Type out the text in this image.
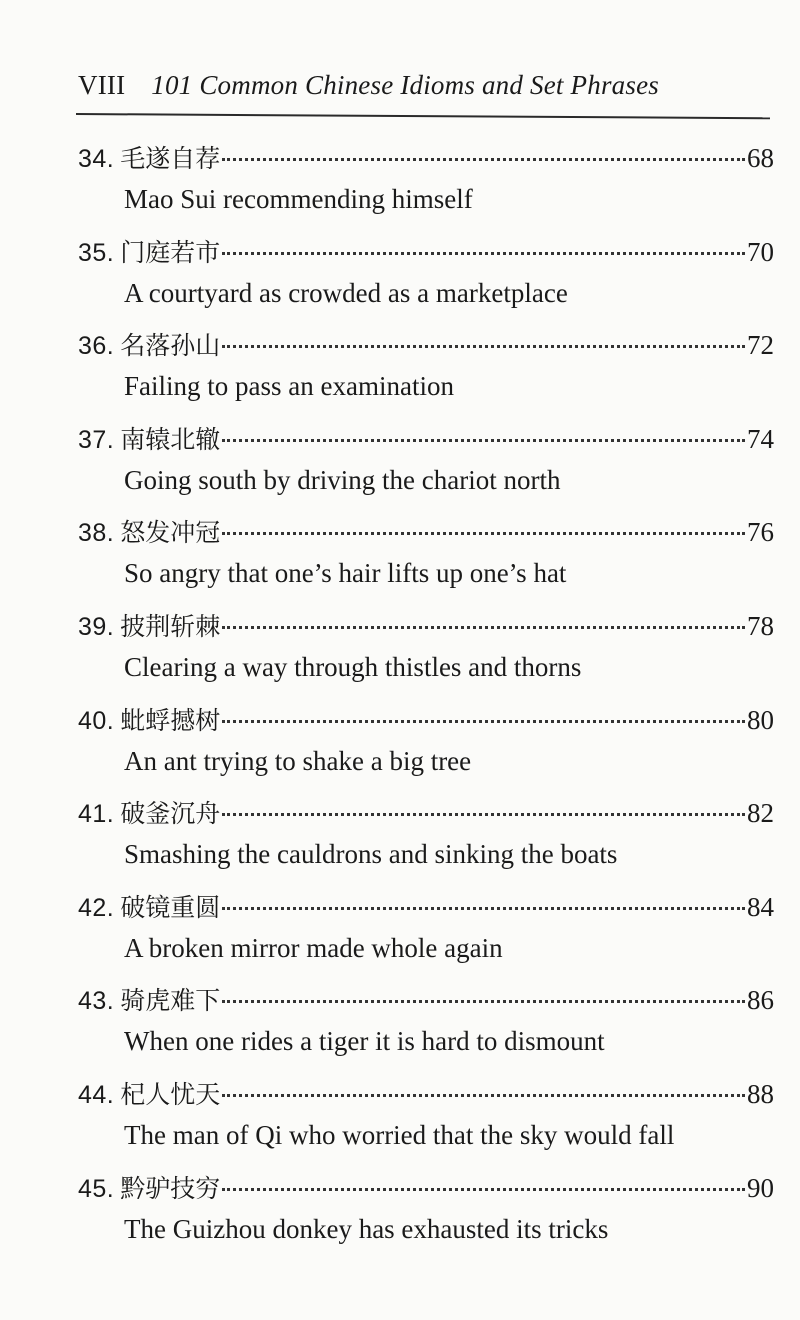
VIII 101 Common Chinese Idioms and Set Phrases
34. 毛遂自荐	68
Mao Sui recommending himself
35. 门庭若市	70
A courtyard as crowded as a marketplace
36. 名落孙山	72
Failing to pass an examination
37. 南辕北辙	74
Going south by driving the chariot north
38. 怒发冲冠	76
So angry that one’s hair lifts up one’s hat
39. 披荆斩棘	78
Clearing a way through thistles and thorns
40. 蚍蜉撼树	80
An ant trying to shake a big tree
41. 破釜沉舟	82
Smashing the cauldrons and sinking the boats
42. 破镜重圆	84
A broken mirror made whole again
43. 骑虎难下	86
When one rides a tiger it is hard to dismount
44. 杞人忧天	88
The man of Qi who worried that the sky would fall
45. 黔驴技穷	90
The Guizhou donkey has exhausted its tricks
